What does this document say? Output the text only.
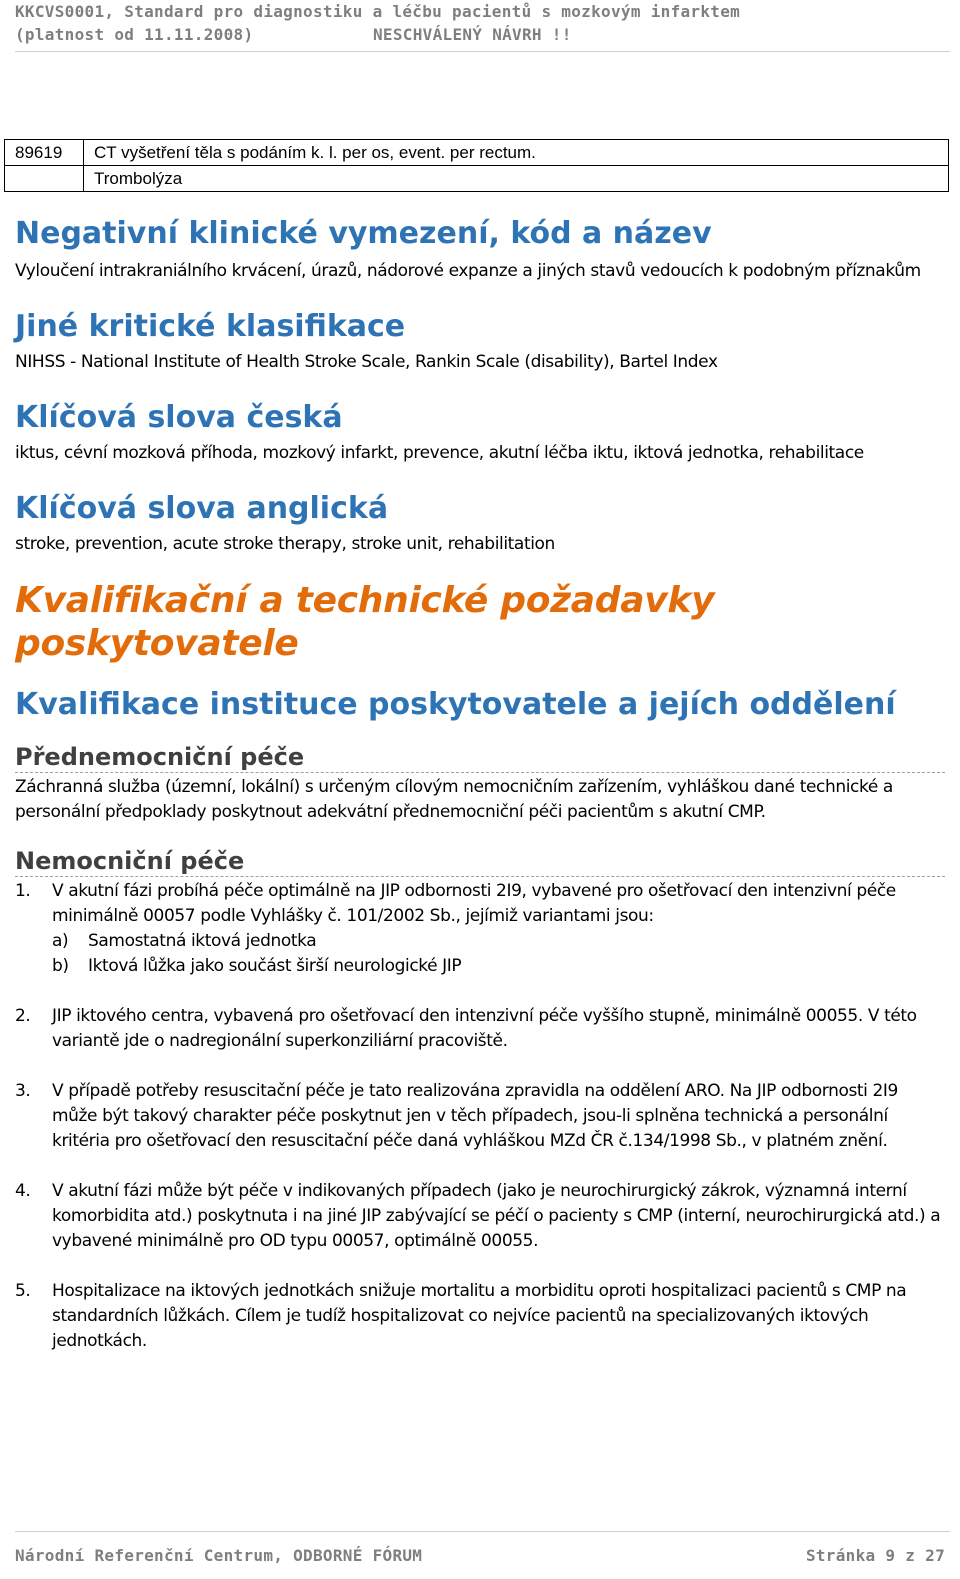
KKCVS0001, Standard pro diagnostiku a léčbu pacientů s mozkovým infarktem
(platnost od 11.11.2008)	NESCHVÁLENÝ NÁVRH !!
89619	CT vyšetření těla s podáním k. l. per os, event. per rectum.
	Trombolýza
Negativní klinické vymezení, kód a název

Vyloučení intrakraniálního krvácení, úrazů, nádorové expanze a jiných stavů vedoucích k podobným příznakům

Jiné kritické klasifikace

NIHSS - National Institute of Health Stroke Scale, Rankin Scale (disability), Bartel Index

Klíčová slova česká

iktus, cévní mozková příhoda, mozkový infarkt, prevence, akutní léčba iktu, iktová jednotka, rehabilitace

Klíčová slova anglická

stroke, prevention, acute stroke therapy, stroke unit, rehabilitation

Kvalifikační a technické požadavky poskytovatele
Kvalifikace instituce poskytovatele a jejích oddělení
Přednemocniční péče

Záchranná služba (územní, lokální) s určeným cílovým nemocničním zařízením, vyhláškou dané technické a personální předpoklady poskytnout adekvátní přednemocniční péči pacientům s akutní CMP.

Nemocniční péče
1. V akutní fázi probíhá péče optimálně na JIP odbornosti 2I9, vybavené pro ošetřovací den intenzivní péče minimálně 00057 podle Vyhlášky č. 101/2002 Sb., jejímiž variantami jsou:
a) Samostatná iktová jednotka
b) Iktová lůžka jako součást širší neurologické JIP
2. JIP iktového centra, vybavená pro ošetřovací den intenzivní péče vyššího stupně, minimálně 00055. V této variantě jde o nadregionální superkonziliární pracoviště.
3. V případě potřeby resuscitační péče je tato realizována zpravidla na oddělení ARO. Na JIP odbornosti 2I9 může být takový charakter péče poskytnut jen v těch případech, jsou-li splněna technická a personální kritéria pro ošetřovací den resuscitační péče daná vyhláškou MZd ČR č.134/1998 Sb., v platném znění.
4. V akutní fázi může být péče v indikovaných případech (jako je neurochirurgický zákrok, významná interní komorbidita atd.) poskytnuta i na jiné JIP zabývající se péčí o pacienty s CMP (interní, neurochirurgická atd.) a vybavené minimálně pro OD typu 00057, optimálně 00055.
5. Hospitalizace na iktových jednotkách snižuje mortalitu a morbiditu oproti hospitalizaci pacientů s CMP na standardních lůžkách. Cílem je tudíž hospitalizovat co nejvíce pacientů na specializovaných iktových jednotkách.
Národní Referenční Centrum, ODBORNÉ FÓRUM	Stránka 9 z 27
